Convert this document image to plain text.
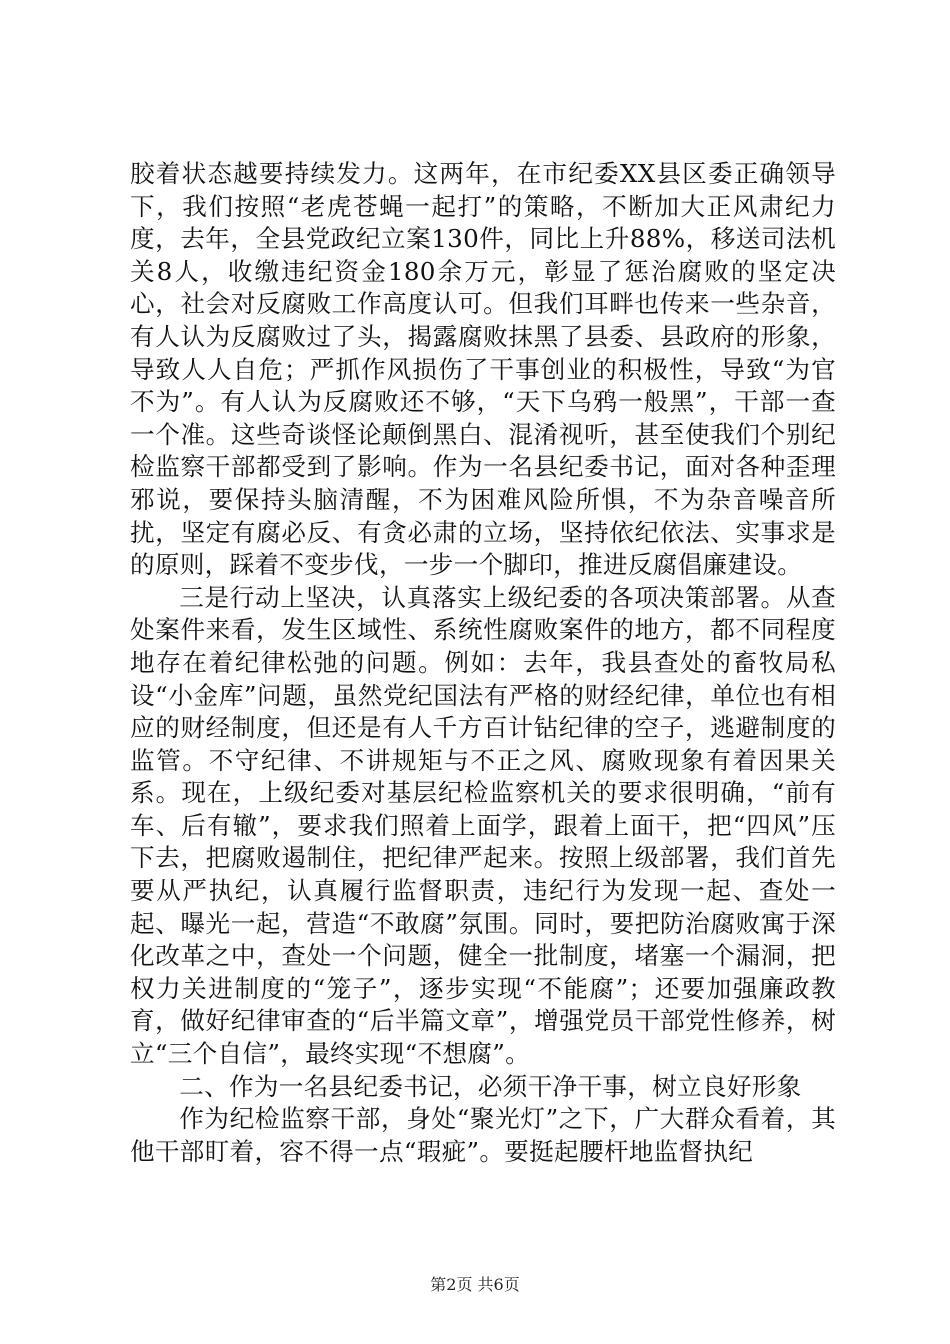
胶着状态越要持续发力。这两年，在市纪委XX县区委正确领导下，我们按照“老虎苍蝇一起打”的策略，不断加大正风肃纪力度，去年，全县党政纪立案130件，同比上升88%，移送司法机关8人，收缴违纪资金180余万元，彰显了惩治腐败的坚定决心，社会对反腐败工作高度认可。但我们耳畔也传来一些杂音，有人认为反腐败过了头，揭露腐败抹黑了县委、县政府的形象，导致人人自危；严抓作风损伤了干事创业的积极性，导致“为官不为”。有人认为反腐败还不够，“天下乌鸦一般黑”，干部一查一个准。这些奇谈怪论颠倒黑白、混淆视听，甚至使我们个别纪检监察干部都受到了影响。作为一名县纪委书记，面对各种歪理邪说，要保持头脑清醒，不为困难风险所惧，不为杂音噪音所扰，坚定有腐必反、有贪必肃的立场，坚持依纪依法、实事求是的原则，踩着不变步伐，一步一个脚印，推进反腐倡廉建设。

三是行动上坚决，认真落实上级纪委的各项决策部署。从查处案件来看，发生区域性、系统性腐败案件的地方，都不同程度地存在着纪律松弛的问题。例如：去年，我县查处的畜牧局私设“小金库”问题，虽然党纪国法有严格的财经纪律，单位也有相应的财经制度，但还是有人千方百计钻纪律的空子，逃避制度的监管。不守纪律、不讲规矩与不正之风、腐败现象有着因果关系。现在，上级纪委对基层纪检监察机关的要求很明确，“前有车、后有辙”，要求我们照着上面学，跟着上面干，把“四风”压下去，把腐败遏制住，把纪律严起来。按照上级部署，我们首先要从严执纪，认真履行监督职责，违纪行为发现一起、查处一起、曝光一起，营造“不敢腐”氛围。同时，要把防治腐败寓于深化改革之中，查处一个问题，健全一批制度，堵塞一个漏洞，把权力关进制度的“笼子”，逐步实现“不能腐”；还要加强廉政教育，做好纪律审查的“后半篇文章”，增强党员干部党性修养，树立“三个自信”，最终实现“不想腐”。

二、作为一名县纪委书记，必须干净干事，树立良好形象

作为纪检监察干部，身处“聚光灯”之下，广大群众看着，其他干部盯着，容不得一点“瑕疵”。要挺起腰杆地监督执纪

第2页 共6页
